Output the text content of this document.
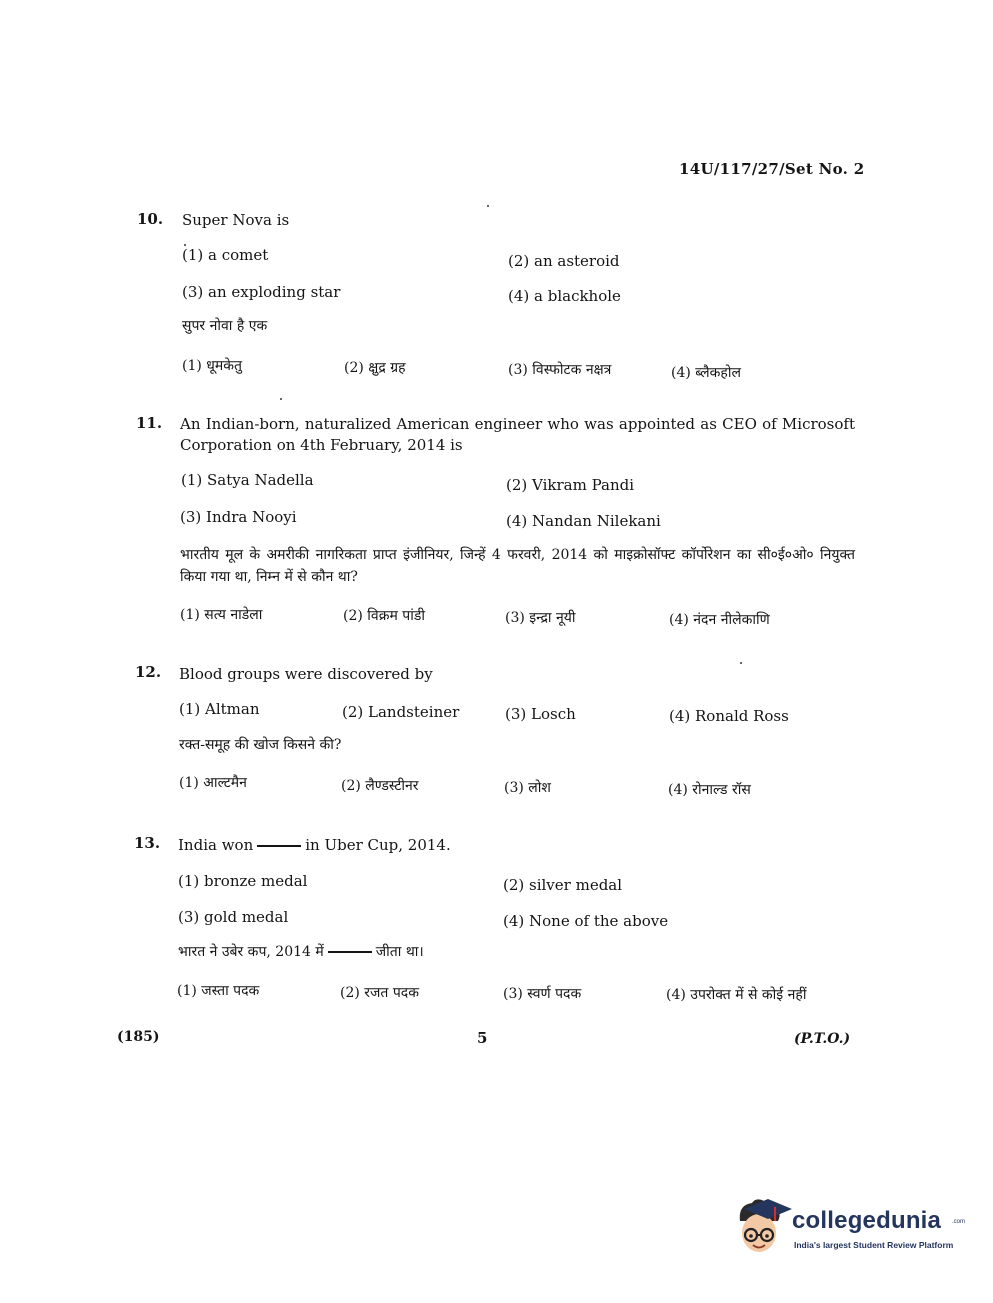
14U/117/27/Set No. 2
10. Super Nova is
(1) a comet	(2) an asteroid
(3) an exploding star	(4) a blackhole
सुपर नोवा है एक
(1) धूमकेतु	(2) क्षुद्र ग्रह	(3) विस्फोटक नक्षत्र	(4) ब्लैकहोल
11. An Indian-born, naturalized American engineer who was appointed as CEO of Microsoft Corporation on 4th February, 2014 is
(1) Satya Nadella	(2) Vikram Pandi
(3) Indra Nooyi	(4) Nandan Nilekani
भारतीय मूल के अमरीकी नागरिकता प्राप्त इंजीनियर, जिन्हें 4 फरवरी, 2014 को माइक्रोसॉफ्ट कॉर्पोरेशन का सी०ई०ओ० नियुक्त किया गया था, निम्न में से कौन था?
(1) सत्य नाडेला	(2) विक्रम पांडी	(3) इन्द्रा नूयी	(4) नंदन नीलेकाणि
12. Blood groups were discovered by
(1) Altman	(2) Landsteiner	(3) Losch	(4) Ronald Ross
रक्त-समूह की खोज किसने की?
(1) आल्टमैन	(2) लैण्डस्टीनर	(3) लोश	(4) रोनाल्ड रॉस
13. India won	in Uber Cup, 2014.
(1) bronze medal	(2) silver medal
(3) gold medal	(4) None of the above
भारत ने उबेर कप, 2014 में	जीता था।
(1) जस्ता पदक	(2) रजत पदक	(3) स्वर्ण पदक	(4) उपरोक्त में से कोई नहीं
(185)	5	(P.T.O.)
collegedunia .com
India's largest Student Review Platform
